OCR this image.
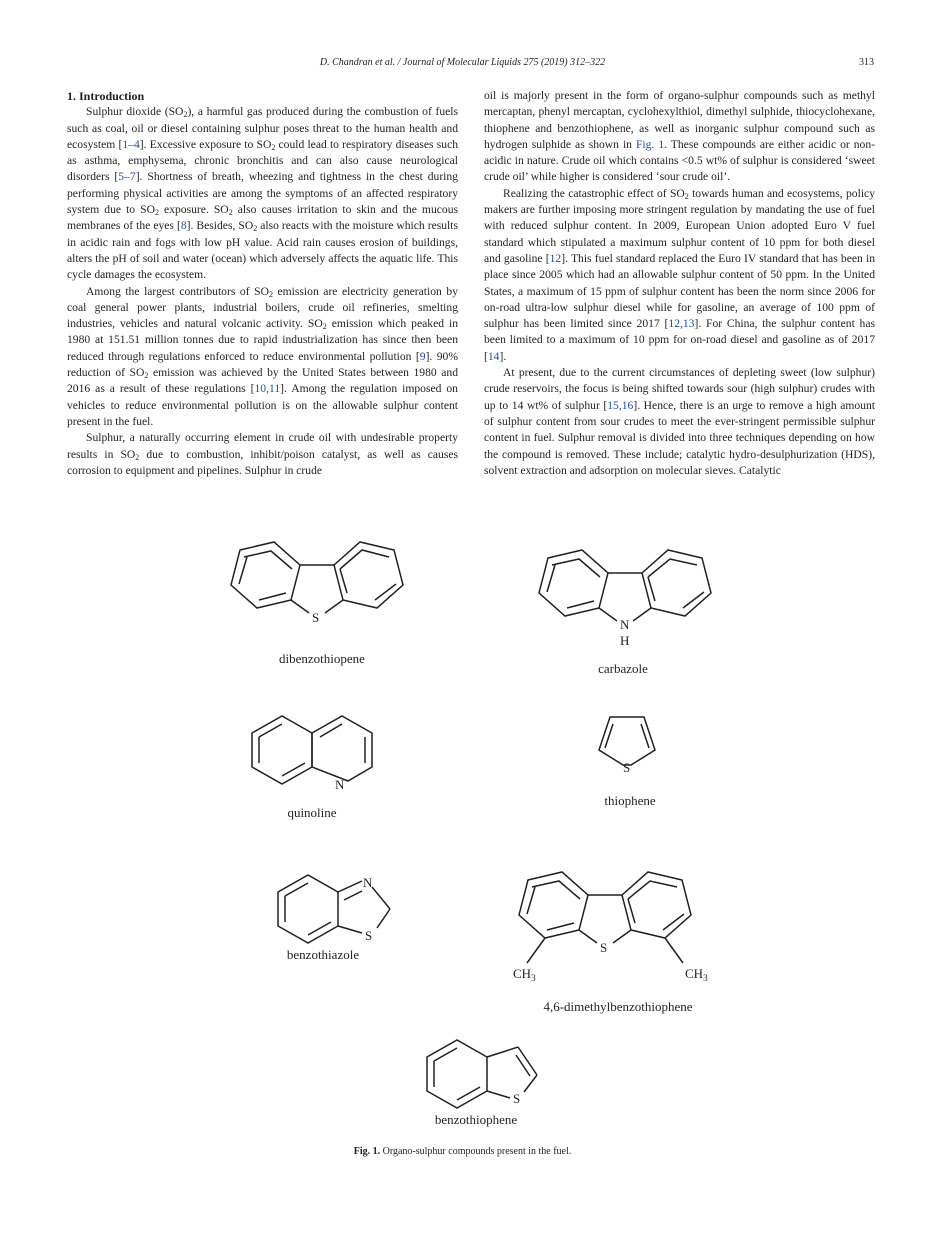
D. Chandran et al. / Journal of Molecular Liquids 275 (2019) 312–322	313

1. Introduction

Sulphur dioxide $(SO_2)$, a harmful gas produced during the combustion of fuels such as coal, oil or diesel containing sulphur poses threat to the human health and ecosystem [1–4]. Excessive exposure to $SO_2$ could lead to respiratory diseases such as asthma, emphysema, chronic bronchitis and can also cause neurological disorders [5–7]. Shortness of breath, wheezing and tightness in the chest during performing physical activities are among the symptoms of an affected respiratory system due to $SO_2$ exposure. $SO_2$ also causes irritation to skin and the mucous membranes of the eyes [8]. Besides, $SO_2$ also reacts with the moisture which results in acidic rain and fogs with low pH value. Acid rain causes erosion of buildings, alters the pH of soil and water (ocean) which adversely affects the aquatic life. This cycle damages the ecosystem.

Among the largest contributors of $SO_2$ emission are electricity generation by coal general power plants, industrial boilers, crude oil refineries, smelting industries, vehicles and natural volcanic activity. $SO_2$ emission which peaked in 1980 at 151.51 million tonnes due to rapid industrialization has since then been reduced through regulations enforced to reduce environmental pollution [9]. 90% reduction of $SO_2$ emission was achieved by the United States between 1980 and 2016 as a result of these regulations [10,11]. Among the regulation imposed on vehicles to reduce environmental pollution is on the allowable sulphur content present in the fuel.

Sulphur, a naturally occurring element in crude oil with undesirable property results in $SO_2$ due to combustion, inhibit/poison catalyst, as well as causes corrosion to equipment and pipelines. Sulphur in crude

oil is majorly present in the form of organo-sulphur compounds such as methyl mercaptan, phenyl mercaptan, cyclohexylthiol, dimethyl sulphide, thiocyclohexane, thiophene and benzothiophene, as well as inorganic sulphur compound such as hydrogen sulphide as shown in Fig. 1. These compounds are either acidic or non-acidic in nature. Crude oil which contains <0.5 wt% of sulphur is considered ‘sweet crude oil’ while higher is considered ‘sour crude oil’.

Realizing the catastrophic effect of $SO_2$ towards human and ecosystems, policy makers are further imposing more stringent regulation by mandating the use of fuel with reduced sulphur content. In 2009, European Union adopted Euro V fuel standard which stipulated a maximum sulphur content of 10 ppm for both diesel and gasoline [12]. This fuel standard replaced the Euro IV standard that has been in place since 2005 which had an allowable sulphur content of 50 ppm. In the United States, a maximum of 15 ppm of sulphur content has been the norm since 2006 for on-road ultra-low sulphur diesel while for gasoline, an average of 100 ppm of sulphur has been limited since 2017 [12,13]. For China, the sulphur content has been limited to a maximum of 10 ppm for on-road diesel and gasoline as of 2017 [14].

At present, due to the current circumstances of depleting sweet (low sulphur) crude reservoirs, the focus is being shifted towards sour (high sulphur) crudes with up to 14 wt% of sulphur [15,16]. Hence, there is an urge to remove a high amount of sulphur content from sour crudes to meet the ever-stringent permissible sulphur content in fuel. Sulphur removal is divided into three techniques depending on how the compound is removed. These include; catalytic hydro-desulphurization (HDS), solvent extraction and adsorption on molecular sieves. Catalytic

S
dibenzothiopene
N
H
carbazole
N
quinoline
S
thiophene
N
S
benzothiazole	S
$CH_3$	$CH_3$
4,6-dimethylbenzothiophene
S
benzothiophene
Fig. 1. Organo-sulphur compounds present in the fuel.
